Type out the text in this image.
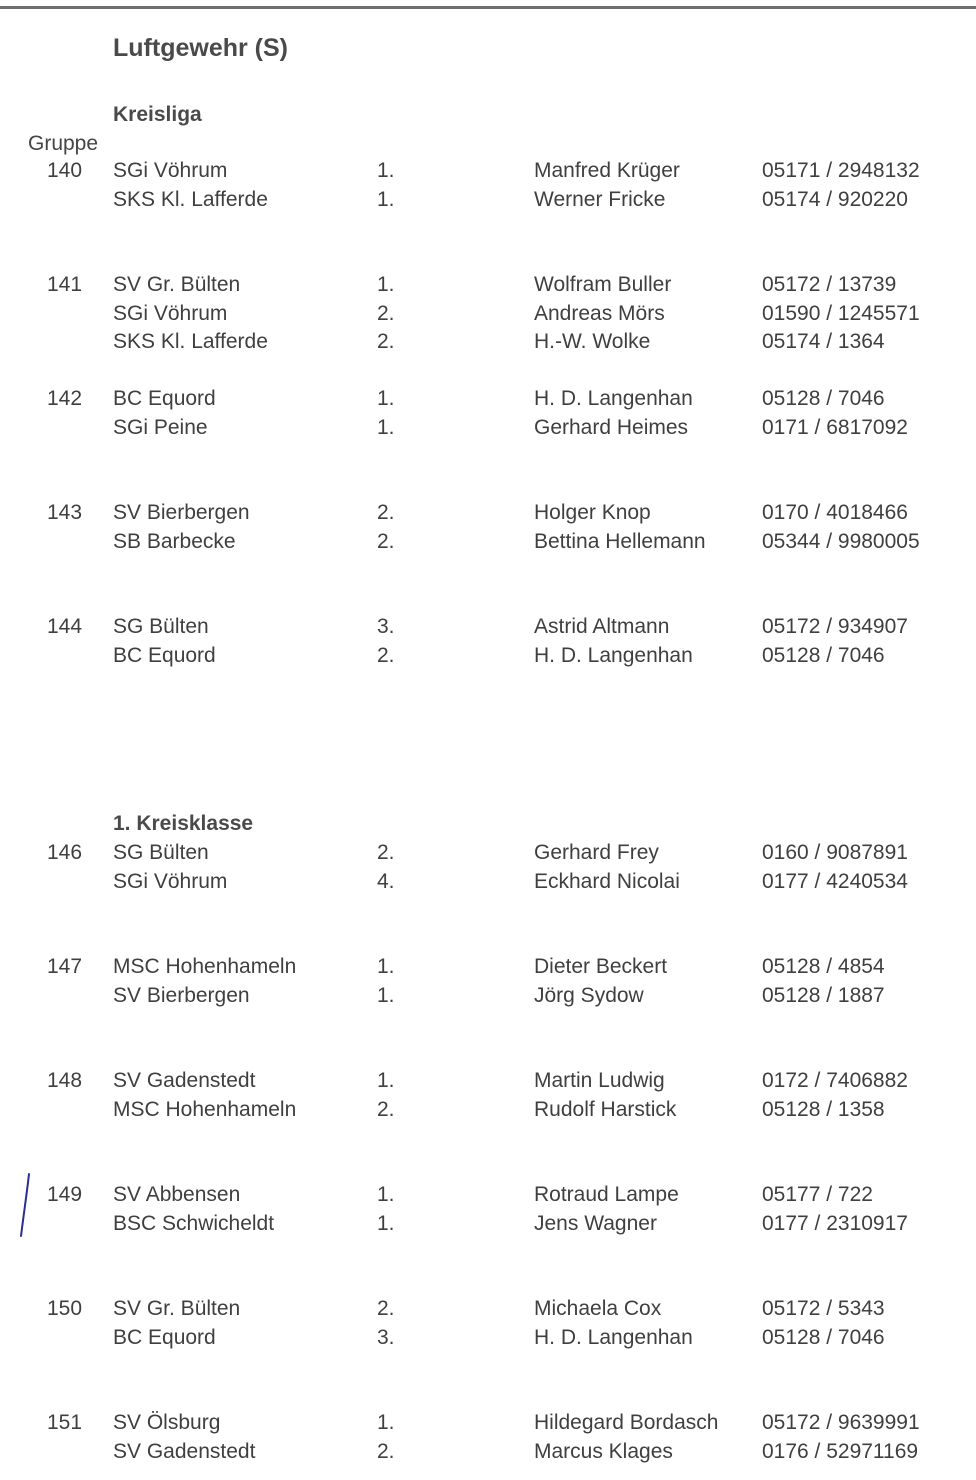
Luftgewehr (S)
Gruppe
Kreisliga
140 SGi Vöhrum	1.	Manfred Krüger	05171 / 2948132
SKS Kl. Lafferde	1.	Werner Fricke	05174 / 920220
141 SV Gr. Bülten	1.	Wolfram Buller	05172 / 13739
SGi Vöhrum	2.	Andreas Mörs	01590 / 1245571
SKS Kl. Lafferde	2.	H.-W. Wolke	05174 / 1364
142 BC Equord	1.	H. D. Langenhan	05128 / 7046
SGi Peine	1.	Gerhard Heimes	0171 / 6817092
143 SV Bierbergen	2.	Holger Knop	0170 / 4018466
SB Barbecke	2.	Bettina Hellemann	05344 / 9980005
144 SG Bülten	3.	Astrid Altmann	05172 / 934907
BC Equord	2.	H. D. Langenhan	05128 / 7046
1. Kreisklasse
146 SG Bülten	2.	Gerhard Frey	0160 / 9087891
SGi Vöhrum	4.	Eckhard Nicolai	0177 / 4240534
147 MSC Hohenhameln	1.	Dieter Beckert	05128 / 4854
SV Bierbergen	1.	Jörg Sydow	05128 / 1887
148 SV Gadenstedt	1.	Martin Ludwig	0172 / 7406882
MSC Hohenhameln	2.	Rudolf Harstick	05128 / 1358
149 SV Abbensen	1.	Rotraud Lampe	05177 / 722
BSC Schwicheldt	1.	Jens Wagner	0177 / 2310917
150 SV Gr. Bülten	2.	Michaela Cox	05172 / 5343
BC Equord	3.	H. D. Langenhan	05128 / 7046
151 SV Ölsburg	1.	Hildegard Bordasch 05172 / 9639991
SV Gadenstedt	2.	Marcus Klages	0176 / 52971169
